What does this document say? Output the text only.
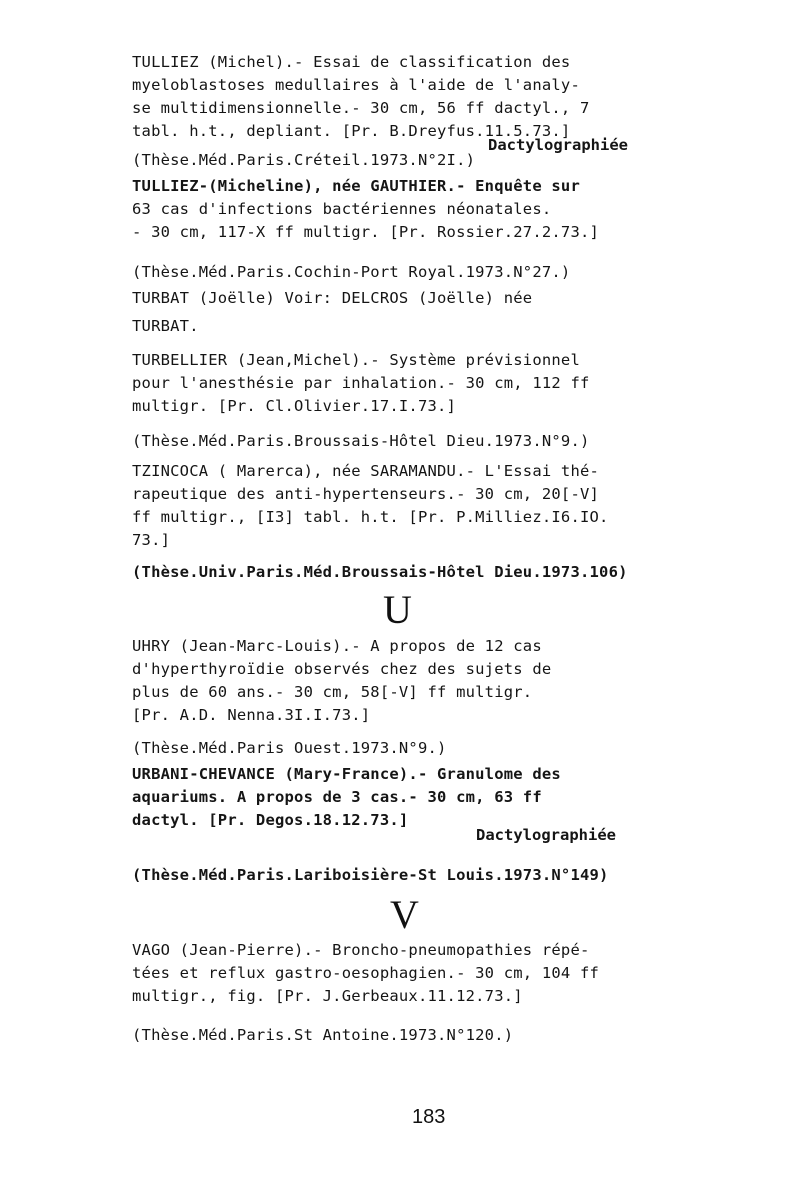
TULLIEZ (Michel).- Essai de classification des
myeloblastoses medullaires à l'aide de l'analy-
se multidimensionnelle.- 30 cm, 56 ff dactyl., 7
tabl. h.t., depliant. [Pr. B.Dreyfus.11.5.73.]
Dactylographiée
(Thèse.Méd.Paris.Créteil.1973.N°2I.)
TULLIEZ-(Micheline), née GAUTHIER.- Enquête sur
63 cas d'infections bactériennes néonatales.
- 30 cm, 117-X ff multigr. [Pr. Rossier.27.2.73.]
(Thèse.Méd.Paris.Cochin-Port Royal.1973.N°27.)
TURBAT (Joëlle) Voir: DELCROS (Joëlle) née
TURBAT.
TURBELLIER (Jean,Michel).- Système prévisionnel
pour l'anesthésie par inhalation.- 30 cm, 112 ff
multigr. [Pr. Cl.Olivier.17.I.73.]
(Thèse.Méd.Paris.Broussais-Hôtel Dieu.1973.N°9.)
TZINCOCA ( Marerca), née SARAMANDU.- L'Essai thé-
rapeutique des anti-hypertenseurs.- 30 cm, 20[-V]
ff multigr., [I3] tabl. h.t. [Pr. P.Milliez.I6.IO.
73.]
(Thèse.Univ.Paris.Méd.Broussais-Hôtel Dieu.1973.106)
U
UHRY (Jean-Marc-Louis).- A propos de 12 cas
d'hyperthyroïdie observés chez des sujets de
plus de 60 ans.- 30 cm, 58[-V] ff multigr.
[Pr. A.D. Nenna.3I.I.73.]
(Thèse.Méd.Paris Ouest.1973.N°9.)
URBANI-CHEVANCE (Mary-France).- Granulome des
aquariums. A propos de 3 cas.- 30 cm, 63 ff
dactyl. [Pr. Degos.18.12.73.]
Dactylographiée
(Thèse.Méd.Paris.Lariboisière-St Louis.1973.N°149)
V
VAGO (Jean-Pierre).- Broncho-pneumopathies répé-
tées et reflux gastro-oesophagien.- 30 cm, 104 ff
multigr., fig. [Pr. J.Gerbeaux.11.12.73.]
(Thèse.Méd.Paris.St Antoine.1973.N°120.)
183
